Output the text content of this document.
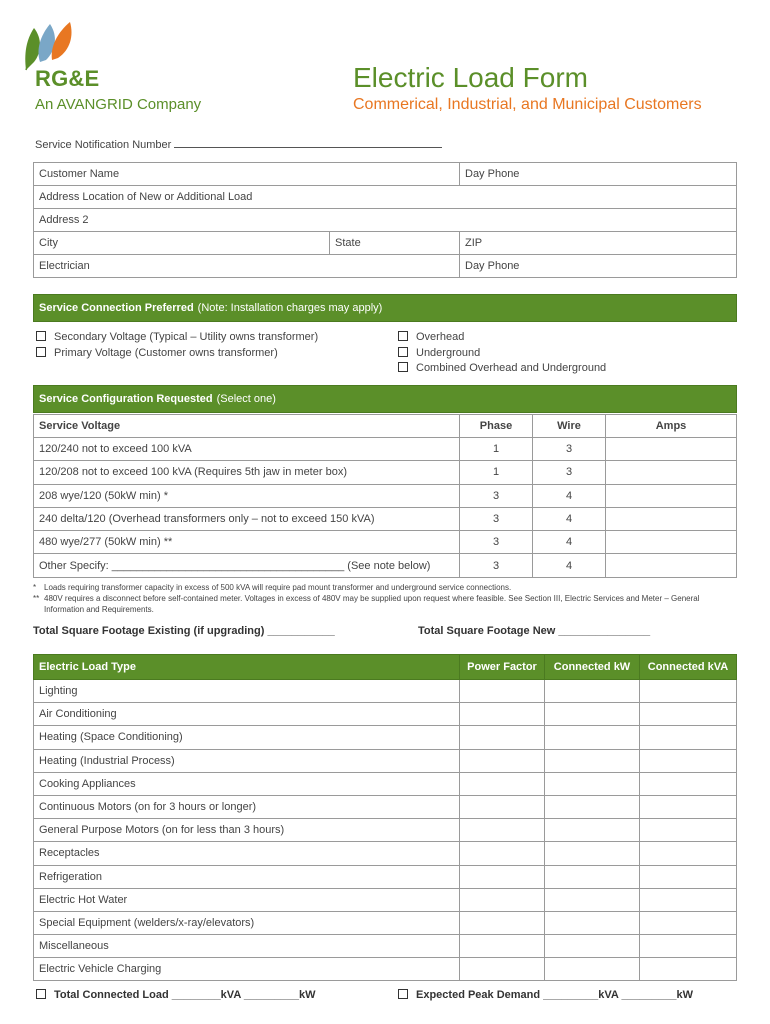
RG&E
An AVANGRID Company
Electric Load Form
Commerical, Industrial, and Municipal Customers
Service Notification Number
Customer Name		Day Phone
Address Location of New or Additional Load		
Address 2		
City	State	ZIP
Electrician		Day Phone
Service Connection Preferred (Note: Installation charges may apply)
Secondary Voltage (Typical – Utility owns transformer)
Primary Voltage (Customer owns transformer)
Overhead
Underground
Combined Overhead and Underground
Service Configuration Requested (Select one)
Service Voltage	Phase	Wire	Amps
120/240 not to exceed 100 kVA	1	3	
120/208 not to exceed 100 kVA (Requires 5th jaw in meter box)	1	3	
208 wye/120 (50kW min) *	3	4	
240 delta/120 (Overhead transformers only – not to exceed 150 kVA)	3	4	
480 wye/277 (50kW min) **	3	4	
Other Specify: ______________________________________ (See note below)	3	4	
* Loads requiring transformer capacity in excess of 500 kVA will require pad mount transformer and underground service connections.
** 480V requires a disconnect before self-contained meter. Voltages in excess of 480V may be supplied upon request where feasible. See Section III, Electric Services and Meter – General Information and Requirements.
Total Square Footage Existing (if upgrading) ___________	Total Square Footage New _______________
Electric Load Type	Power Factor	Connected kW	Connected kVA
Lighting			
Air Conditioning			
Heating (Space Conditioning)			
Heating (Industrial Process)			
Cooking Appliances			
Continuous Motors (on for 3 hours or longer)			
General Purpose Motors (on for less than 3 hours)			
Receptacles			
Refrigeration			
Electric Hot Water			
Special Equipment (welders/x-ray/elevators)			
Miscellaneous			
Electric Vehicle Charging			
Total Connected Load ________kVA _________kW	Expected Peak Demand _________kVA _________kW
